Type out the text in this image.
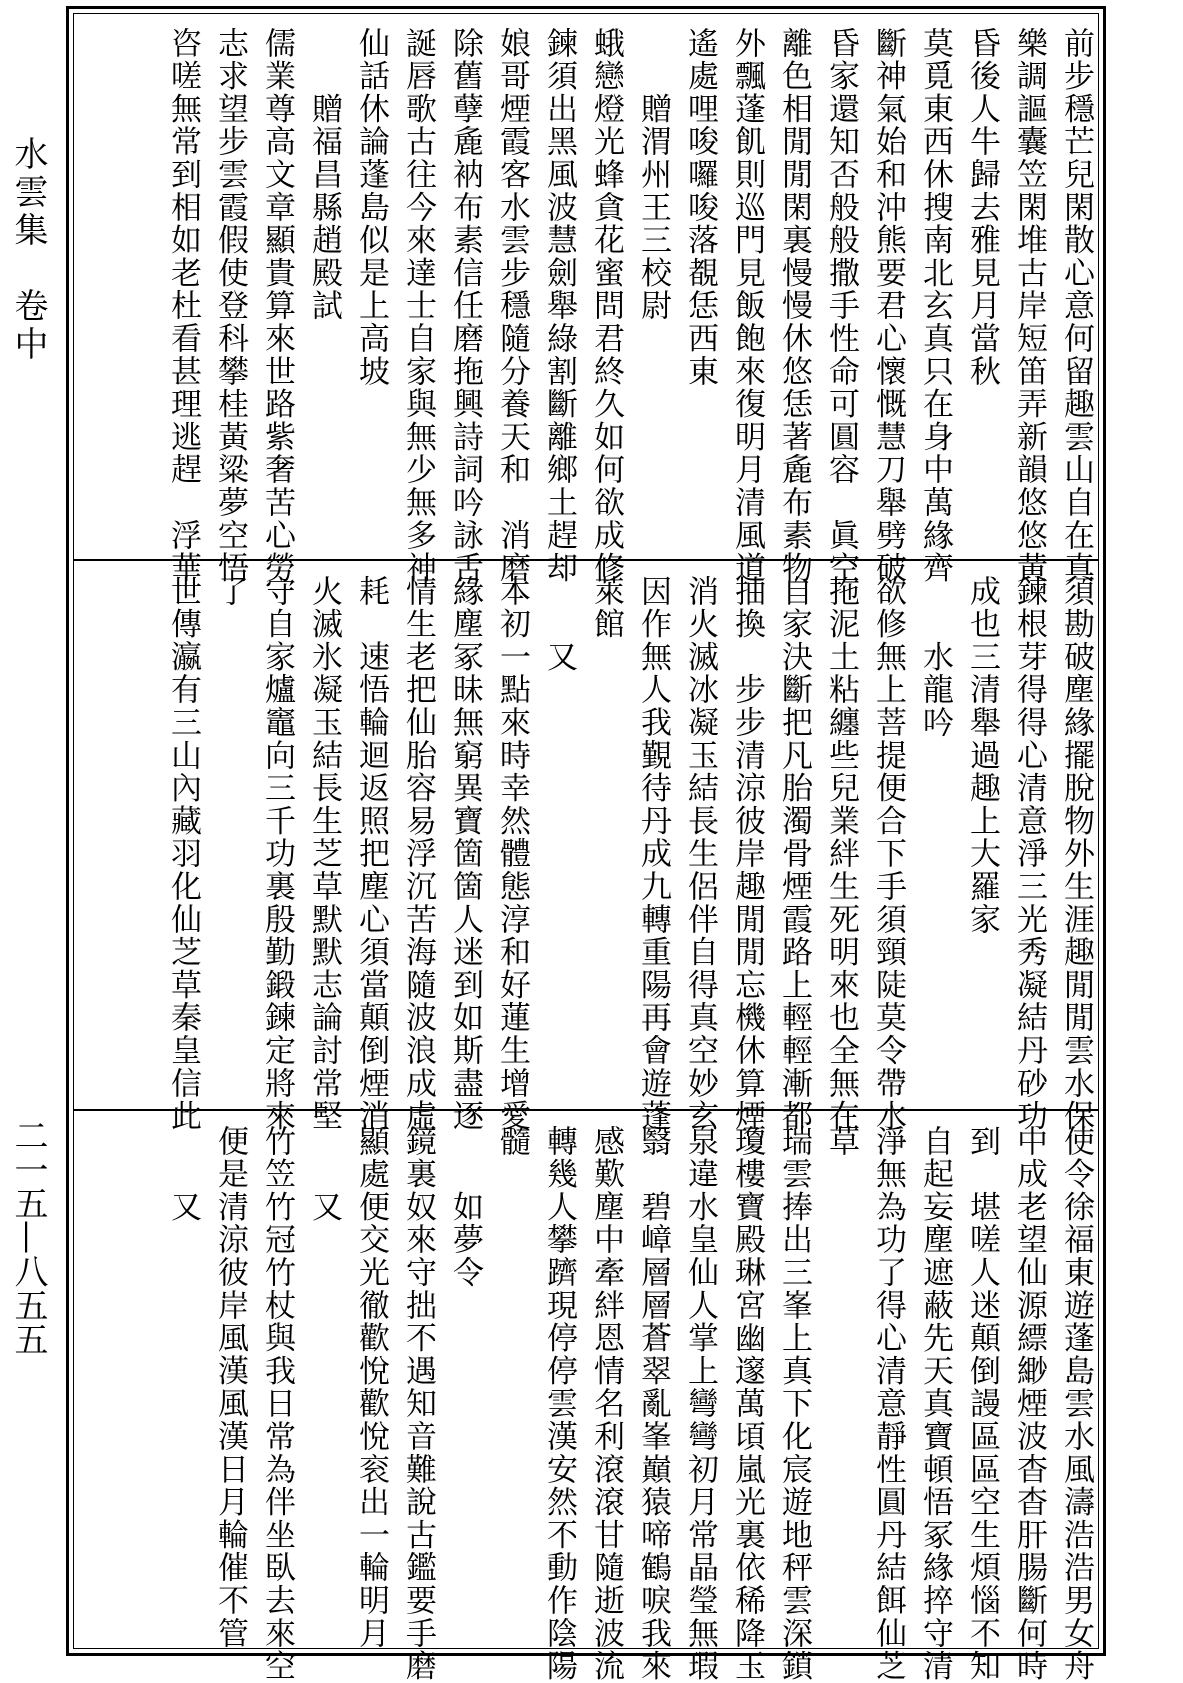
水雲集　卷中
二一五—八五五
前步穩芒兒閑散心意何留趣雲山自在真
樂調謳囊笠閑堆古岸短笛弄新韻悠悠黃
昏後人牛歸去雅見月當秋
莫覓東西休搜南北玄真只在身中萬緣齊
斷神氣始和沖熊要君心懷慨慧刀舉劈破
昏家還知否般般撒手性命可圓容　眞空
離色相閒閒閑裏慢慢休悠恁著麁布素物
外飄蓬飢則巡門見飯飽來復明月清風道
遙處哩唆囉唆落覩恁西東
　　贈渭州王三校尉
蛾戀燈光蜂貪花蜜問君終久如何欲成修
鍊須出黑風波慧劍舉綠割斷離鄉土趕却
娘哥煙霞客水雲步穩隨分養天和　消磨
除舊孽麁衲布素信任磨拖興詩詞吟詠舌
誕唇歌古往今來達士自家與無少無多神
仙話休論蓬島似是上高坡
　　贈福昌縣趙殿試
儒業尊高文章顯貴算來世路紫奢苦心勞
志求望步雲霞假使登科攀桂黃粱夢空悟
咨嗟無常到相如老杜看甚理逃趕　浮華
須勘破塵緣擺脫物外生涯趣閒閒雲水保
鍊根芽得得心清意淨三光秀凝結丹砂功
成也三清舉過趣上大羅家
　　水龍吟
欲修無上菩提便合下手須頸陡莫令帶水
拖泥土粘纏些兒業絆生死明來也全無在
自家決斷把凡胎濁骨煙霞路上輕輕漸都
抽換　步步清涼彼岸趣閒閒忘機休算煙
消火滅冰凝玉結長生侶伴自得真空妙玄
因作無人我覲待丹成九轉重陽再會遊蓬
萊館
　　又
本初一點來時幸然體態淳和好蓮生增愛
緣塵冢昧無窮異寶箇箇人迷到如斯盡逐
情生老把仙胎容易浮沉苦海隨波浪成虛
耗　速悟輪迴返照把塵心須當顛倒煙消
火滅氷凝玉結長生芝草默默志論討常堅
守自家爐竈向三千功裏殷勤鍛鍊定將來
了
世傳瀛有三山內藏羽化仙芝草秦皇信此
使令徐福東遊蓬島雲水風濤浩浩男女舟
中成老望仙源縹緲煙波杳杳肝腸斷何時
到　堪嗟人迷顛倒謾區區空生煩惱不知
自起妄塵遮蔽先天真寶頓悟冢緣捽守清
淨無為功了得心清意靜性圓丹結餌仙芝
草
瑞雲捧出三峯上真下化宸遊地秤雲深鎖
瓊樓寶殿琳宮幽邃萬頃嵐光裏依稀降玉
泉違水皇仙人掌上彎彎初月常晶瑩無瑕
翳　碧嶂層層蒼翠亂峯巔猿啼鶴唳我來
感歎塵中牽絆恩情名利滾滾甘隨逝波流
轉幾人攀躋現停停雲漢安然不動作陰陽
髓
　　如夢令
鏡裏奴來守拙不遇知音難說古鑑要手磨
顯處便交光徹歡悅歡悅衮出一輪明月
　　又
竹笠竹冠竹杖與我日常為伴坐臥去來空
便是清涼彼岸風漢風漢日月輪催不管
　　又
